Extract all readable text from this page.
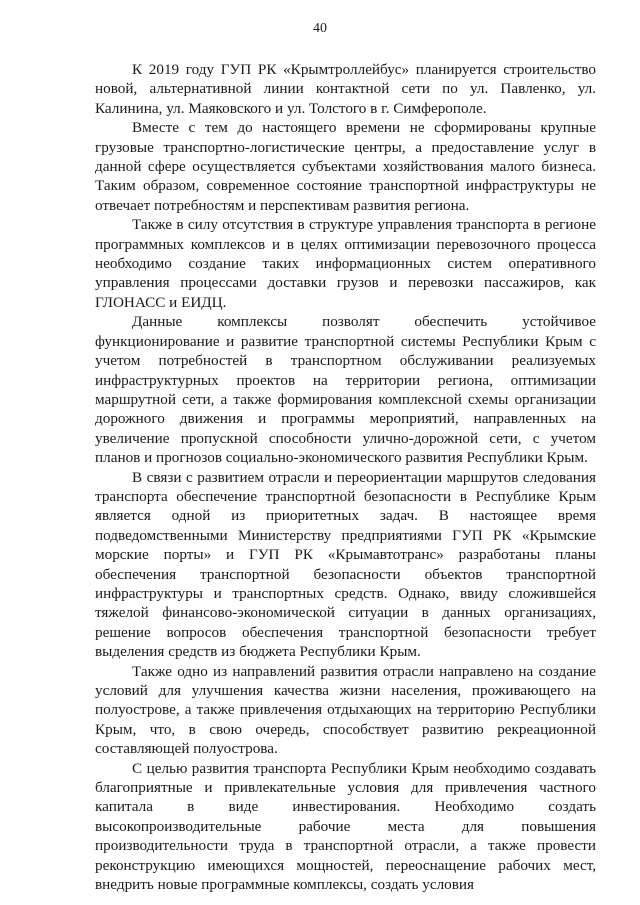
40

К 2019 году ГУП РК «Крымтроллейбус» планируется строительство новой, альтернативной линии контактной сети по ул. Павленко, ул. Калинина, ул. Маяковского и ул. Толстого в г. Симферополе.

Вместе с тем до настоящего времени не сформированы крупные грузовые транспортно-логистические центры, а предоставление услуг в данной сфере осуществляется субъектами хозяйствования малого бизнеса. Таким образом, современное состояние транспортной инфраструктуры не отвечает потребностям и перспективам развития региона.

Также в силу отсутствия в структуре управления транспорта в регионе программных комплексов и в целях оптимизации перевозочного процесса необходимо создание таких информационных систем оперативного управления процессами доставки грузов и перевозки пассажиров, как ГЛОНАСС и ЕИДЦ.

Данные комплексы позволят обеспечить устойчивое функционирование и развитие транспортной системы Республики Крым с учетом потребностей в транспортном обслуживании реализуемых инфраструктурных проектов на территории региона, оптимизации маршрутной сети, а также формирования комплексной схемы организации дорожного движения и программы мероприятий, направленных на увеличение пропускной способности улично-дорожной сети, с учетом планов и прогнозов социально-экономического развития Республики Крым.

В связи с развитием отрасли и переориентации маршрутов следования транспорта обеспечение транспортной безопасности в Республике Крым является одной из приоритетных задач. В настоящее время подведомственными Министерству предприятиями ГУП РК «Крымские морские порты» и ГУП РК «Крымавтотранс» разработаны планы обеспечения транспортной безопасности объектов транспортной инфраструктуры и транспортных средств. Однако, ввиду сложившейся тяжелой финансово-экономической ситуации в данных организациях, решение вопросов обеспечения транспортной безопасности требует выделения средств из бюджета Республики Крым.

Также одно из направлений развития отрасли направлено на создание условий для улучшения качества жизни населения, проживающего на полуострове, а также привлечения отдыхающих на территорию Республики Крым, что, в свою очередь, способствует развитию рекреационной составляющей полуострова.

С целью развития транспорта Республики Крым необходимо создавать благоприятные и привлекательные условия для привлечения частного капитала в виде инвестирования. Необходимо создать высокопроизводительные рабочие места для повышения производительности труда в транспортной отрасли, а также провести реконструкцию имеющихся мощностей, переоснащение рабочих мест, внедрить новые программные комплексы, создать условия
